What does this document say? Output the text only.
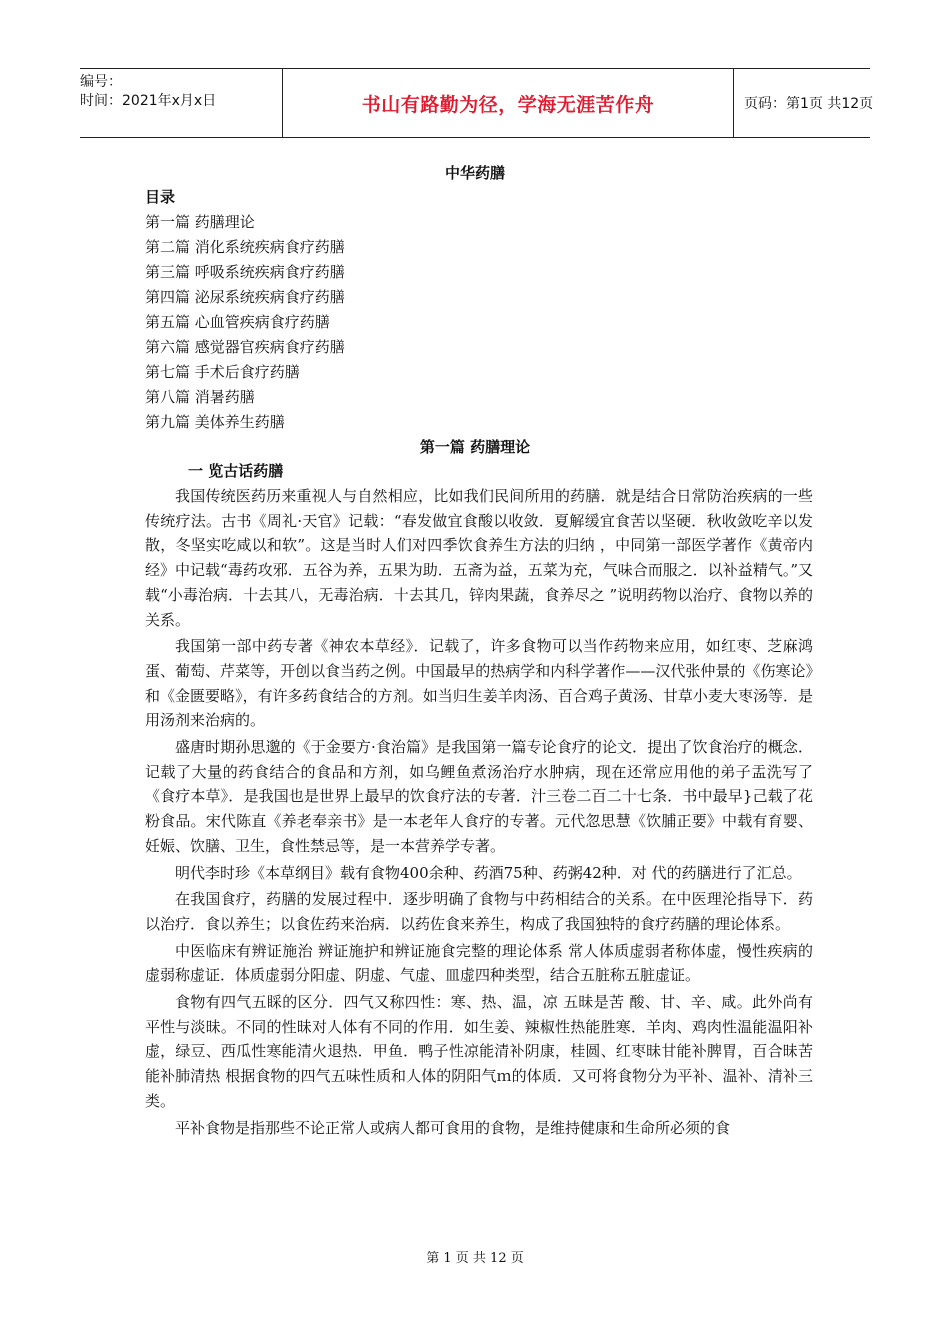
编号：
时间：2021年x月x日	书山有路勤为径，学海无涯苦作舟	页码：第1页 共12页
中华药膳
目录
第一篇 药膳理论
第二篇 消化系统疾病食疗药膳
第三篇 呼吸系统疾病食疗药膳
第四篇 泌尿系统疾病食疗药膳
第五篇 心血管疾病食疗药膳
第六篇 感觉器官疾病食疗药膳
第七篇 手术后食疗药膳
第八篇 消暑药膳
第九篇 美体养生药膳
第一篇 药膳理论
一 览古话药膳

我国传统医药历来重视人与自然相应，比如我们民间所用的药膳．就是结合日常防治疾病的一些传统疗法。古书《周礼·天官》记载：“春发做宜食酸以收敛．夏解缓宜食苦以坚硬．秋收敛吃辛以发散，冬坚实吃咸以和软”。这是当时人们对四季饮食养生方法的归纳 ，中同第一部医学著作《黄帝内经》中记载“毒药攻邪．五谷为养，五果为助．五斋为益，五菜为充，气味合而服之．以补益精气。”又载“小毒治病．十去其八，无毒治病．十去其几，锌肉果蔬，食养尽之 ”说明药物以治疗、食物以养的关系。

我国第一部中药专著《神农本草经》．记载了，许多食物可以当作药物来应用，如红枣、芝麻鸿蛋、葡萄、芹菜等，开创以食当药之例。中国最早的热病学和内科学著作——汉代张仲景的《伤寒论》和《金匮要略》，有许多药食结合的方剂。如当归生姜羊肉汤、百合鸡子黄汤、甘草小麦大枣汤等．是用汤剂来治病的。

盛唐时期孙思邈的《于金要方·食治篇》是我国第一篇专论食疗的论文．提出了饮食治疗的概念．记载了大量的药食结合的食品和方剂，如乌鲤鱼煮汤治疗水肿病，现在还常应用他的弟子盂洗写了《食疗本草》．是我国也是世界上最早的饮食疗法的专著．汁三卷二百二十七条．书中最早}己载了花粉食品。宋代陈直《养老奉亲书》是一本老年人食疗的专著。元代忽思慧《饮脯正要》中载有育婴、妊娠、饮膳、卫生，食性禁忌等，是一本营养学专著。

明代李时珍《本草纲目》载有食物400余种、药酒75种、药粥42种．对 代的药膳进行了汇总。

在我国食疗，药膳的发展过程中．逐步明确了食物与中药相结合的关系。在中医理沦指导下．药以治疗．食以养生；以食佐药来治病．以药佐食来养生，构成了我国独特的食疗药膳的理论体系。

中医临床有辨证施治 辨证施护和辨证施食完整的理论体系 常人体质虚弱者称体虚，慢性疾病的虚弱称虚证．体质虚弱分阳虚、阴虚、气虚、皿虚四种类型，结合五脏称五脏虚证。

食物有四气五睬的区分．四气又称四性：寒、热、温，凉 五昧是苦 酸、甘、辛、咸。此外尚有平性与淡昧。不同的性昧对人体有不同的作用．如生姜、辣椒性热能胜寒．羊肉、鸡肉性温能温阳补虚，绿豆、西瓜性寒能清火退热．甲鱼．鸭子性凉能清补阴康，桂圆、红枣昧甘能补脾胃，百合昧苦能补肺清热 根据食物的四气五味性质和人体的阴阳气ｍ的体质．又可将食物分为平补、温补、清补三类。

平补食物是指那些不论正常人或病人都可食用的食物，是维持健康和生命所必须的食

第 1 页 共 12 页
